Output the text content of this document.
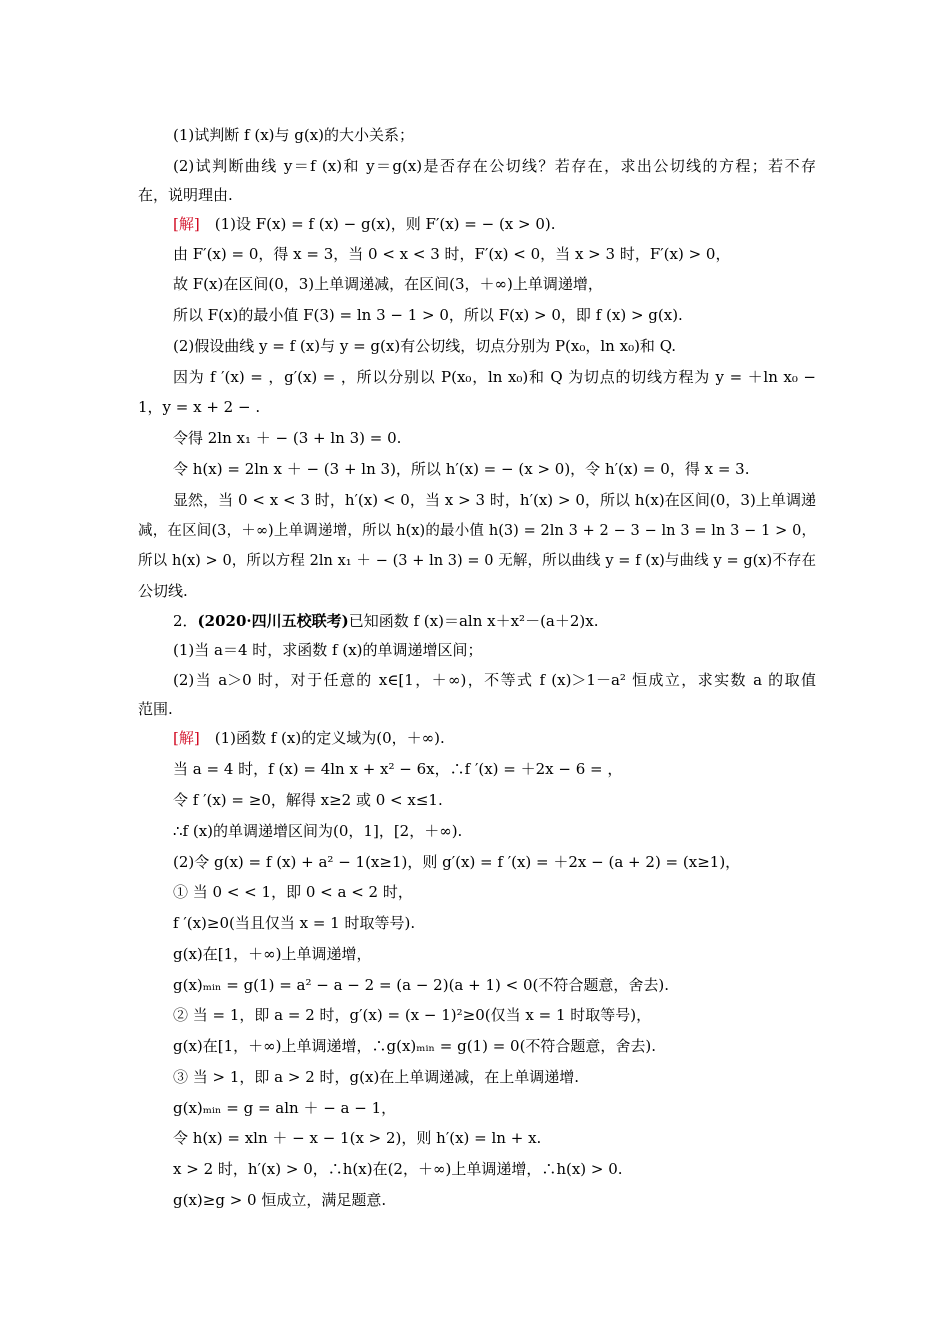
(1)试判断 f (x)与 g(x)的大小关系；
(2)试判断曲线 y＝f (x)和 y＝g(x)是否存在公切线？若存在，求出公切线的方程；若不存
在，说明理由.
[解]　(1)设 F(x) = f (x) − g(x)，则 F′(x) = − (x > 0).
由 F′(x) = 0，得 x = 3，当 0 < x < 3 时，F′(x) < 0，当 x > 3 时，F′(x) > 0，
故 F(x)在区间(0，3)上单调递减，在区间(3，＋∞)上单调递增，
所以 F(x)的最小值 F(3) = ln 3 − 1 > 0，所以 F(x) > 0，即 f (x) > g(x).
(2)假设曲线 y = f (x)与 y = g(x)有公切线，切点分别为 P(x₀，ln x₀)和 Q.
因为 f ′(x) = ，g′(x) = ，所以分别以 P(x₀，ln x₀)和 Q 为切点的切线方程为 y = ＋ln x₀ −
1，y = x + 2 − .
令得 2ln x₁ ＋ − (3 + ln 3) = 0.
令 h(x) = 2ln x ＋ − (3 + ln 3)，所以 h′(x) = − (x > 0)，令 h′(x) = 0，得 x = 3.
显然，当 0 < x < 3 时，h′(x) < 0，当 x > 3 时，h′(x) > 0，所以 h(x)在区间(0，3)上单调递
减，在区间(3，＋∞)上单调递增，所以 h(x)的最小值 h(3) = 2ln 3 + 2 − 3 − ln 3 = ln 3 − 1 > 0，
所以 h(x) > 0，所以方程 2ln x₁ ＋ − (3 + ln 3) = 0 无解，所以曲线 y = f (x)与曲线 y = g(x)不存在
公切线.
2．(2020·四川五校联考)已知函数 f (x)＝aln x＋x²－(a＋2)x.
(1)当 a＝4 时，求函数 f (x)的单调递增区间；
(2)当 a＞0 时，对于任意的 x∈[1，＋∞)，不等式 f (x)＞1－a² 恒成立，求实数 a 的取值
范围.
[解]　(1)函数 f (x)的定义域为(0，＋∞).
当 a = 4 时，f (x) = 4ln x + x² − 6x，∴f ′(x) = ＋2x − 6 = ，
令 f ′(x) = ≥0，解得 x≥2 或 0 < x≤1.
∴f (x)的单调递增区间为(0，1]，[2，＋∞).
(2)令 g(x) = f (x) + a² − 1(x≥1)，则 g′(x) = f ′(x) = ＋2x − (a + 2) = (x≥1)，
① 当 0 < < 1，即 0 < a < 2 时，
f ′(x)≥0(当且仅当 x = 1 时取等号).
g(x)在[1，＋∞)上单调递增，
g(x)ₘᵢₙ = g(1) = a² − a − 2 = (a − 2)(a + 1) < 0(不符合题意，舍去).
② 当 = 1，即 a = 2 时，g′(x) = (x − 1)²≥0(仅当 x = 1 时取等号)，
g(x)在[1，＋∞)上单调递增，∴g(x)ₘᵢₙ = g(1) = 0(不符合题意，舍去).
③ 当 > 1，即 a > 2 时，g(x)在上单调递减，在上单调递增.
g(x)ₘᵢₙ = g = aln ＋ − a − 1，
令 h(x) = xln ＋ − x − 1(x > 2)，则 h′(x) = ln + x.
x > 2 时，h′(x) > 0，∴h(x)在(2，＋∞)上单调递增，∴h(x) > 0.
g(x)≥g > 0 恒成立，满足题意.
